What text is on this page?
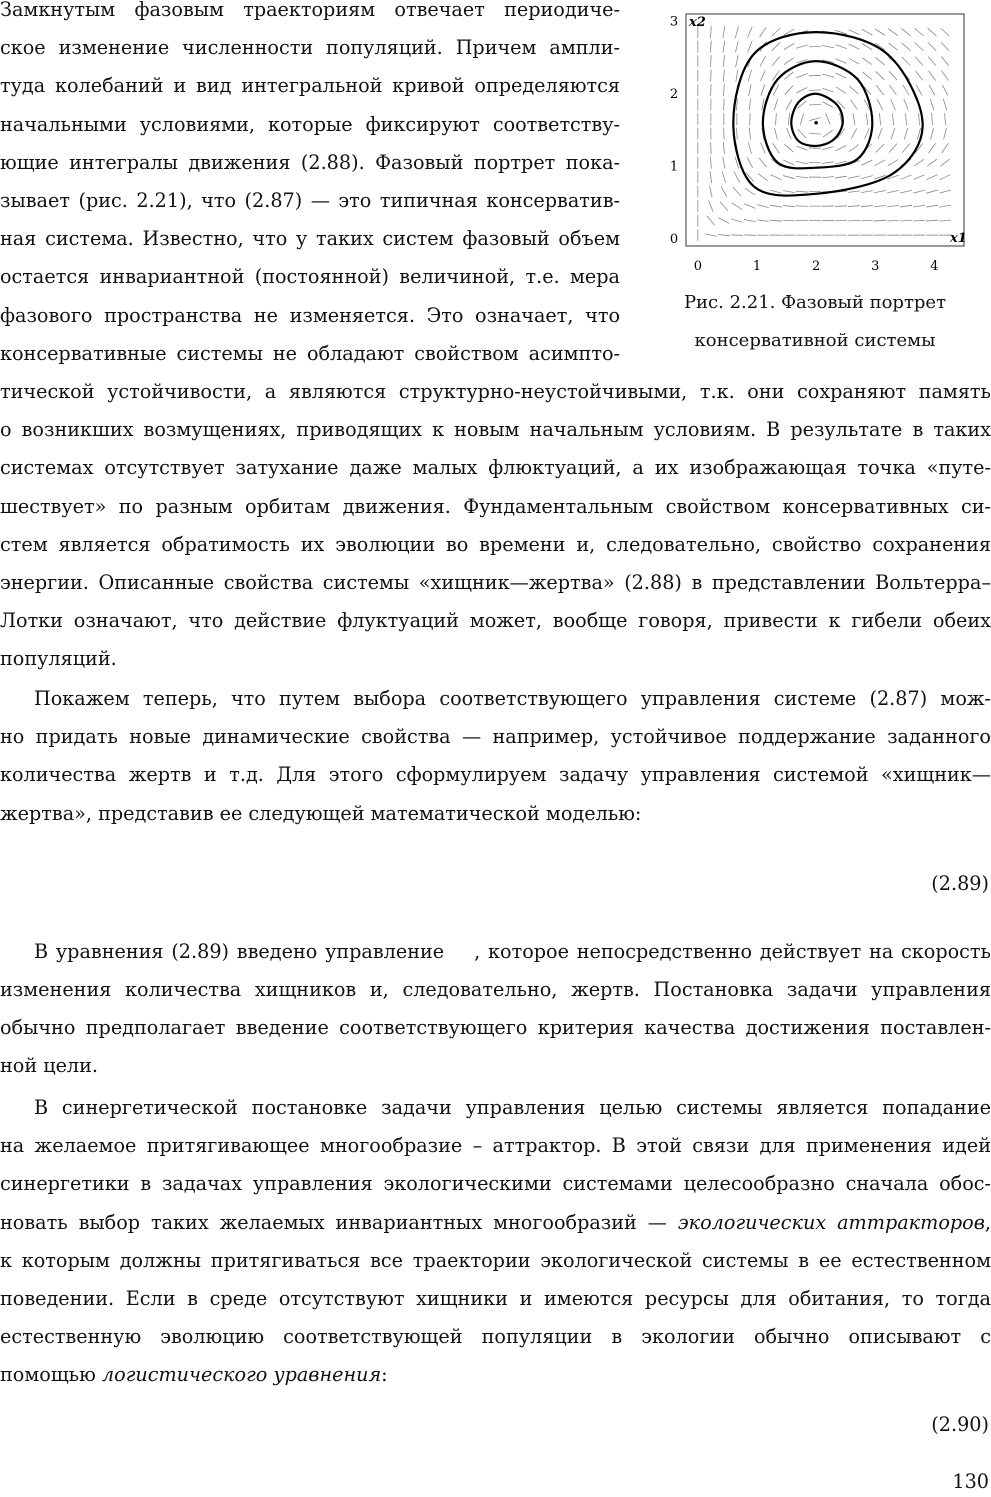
0	1	2	3	4
0
1
2
3
x1
x2
Рис. 2.21. Фазовый портрет
консервативной системы
Замкнутым фазовым траекториям отвечает периодиче-
ское изменение численности популяций. Причем ампли-
туда колебаний и вид интегральной кривой определяются
начальными условиями, которые фиксируют соответству-
ющие интегралы движения (2.88). Фазовый портрет пока-
зывает (рис. 2.21), что (2.87) — это типичная консерватив-
ная система. Известно, что у таких систем фазовый объем
остается инвариантной (постоянной) величиной, т.е. мера
фазового пространства не изменяется. Это означает, что
консервативные системы не обладают свойством асимпто-
тической устойчивости, а являются структурно-неустойчивыми, т.к. они сохраняют память
о возникших возмущениях, приводящих к новым начальным условиям. В результате в таких
системах отсутствует затухание даже малых флюктуаций, а их изображающая точка «путе-
шествует» по разным орбитам движения. Фундаментальным свойством консервативных си-
стем является обратимость их эволюции во времени и, следовательно, свойство сохранения
энергии. Описанные свойства системы «хищник—жертва» (2.88) в представлении Вольтерра–
Лотки означают, что действие флуктуаций может, вообще говоря, привести к гибели обеих
популяций.
Покажем теперь, что путем выбора соответствующего управления системе (2.87) мож-
но придать новые динамические свойства — например, устойчивое поддержание заданного
количества жертв и т.д. Для этого сформулируем задачу управления системой «хищник—
жертва», представив ее следующей математической моделью:
(2.89)
В уравнения (2.89) введено управление , которое непосредственно действует на скорость
изменения количества хищников и, следовательно, жертв. Постановка задачи управления
обычно предполагает введение соответствующего критерия качества достижения поставлен-
ной цели.
В синергетической постановке задачи управления целью системы является попадание
на желаемое притягивающее многообразие – аттрактор. В этой связи для применения идей
синергетики в задачах управления экологическими системами целесообразно сначала обос-
новать выбор таких желаемых инвариантных многообразий — экологических аттракторов,
к которым должны притягиваться все траектории экологической системы в ее естественном
поведении. Если в среде отсутствуют хищники и имеются ресурсы для обитания, то тогда
естественную эволюцию соответствующей популяции в экологии обычно описывают с
помощью логистического уравнения:
(2.90)
130
